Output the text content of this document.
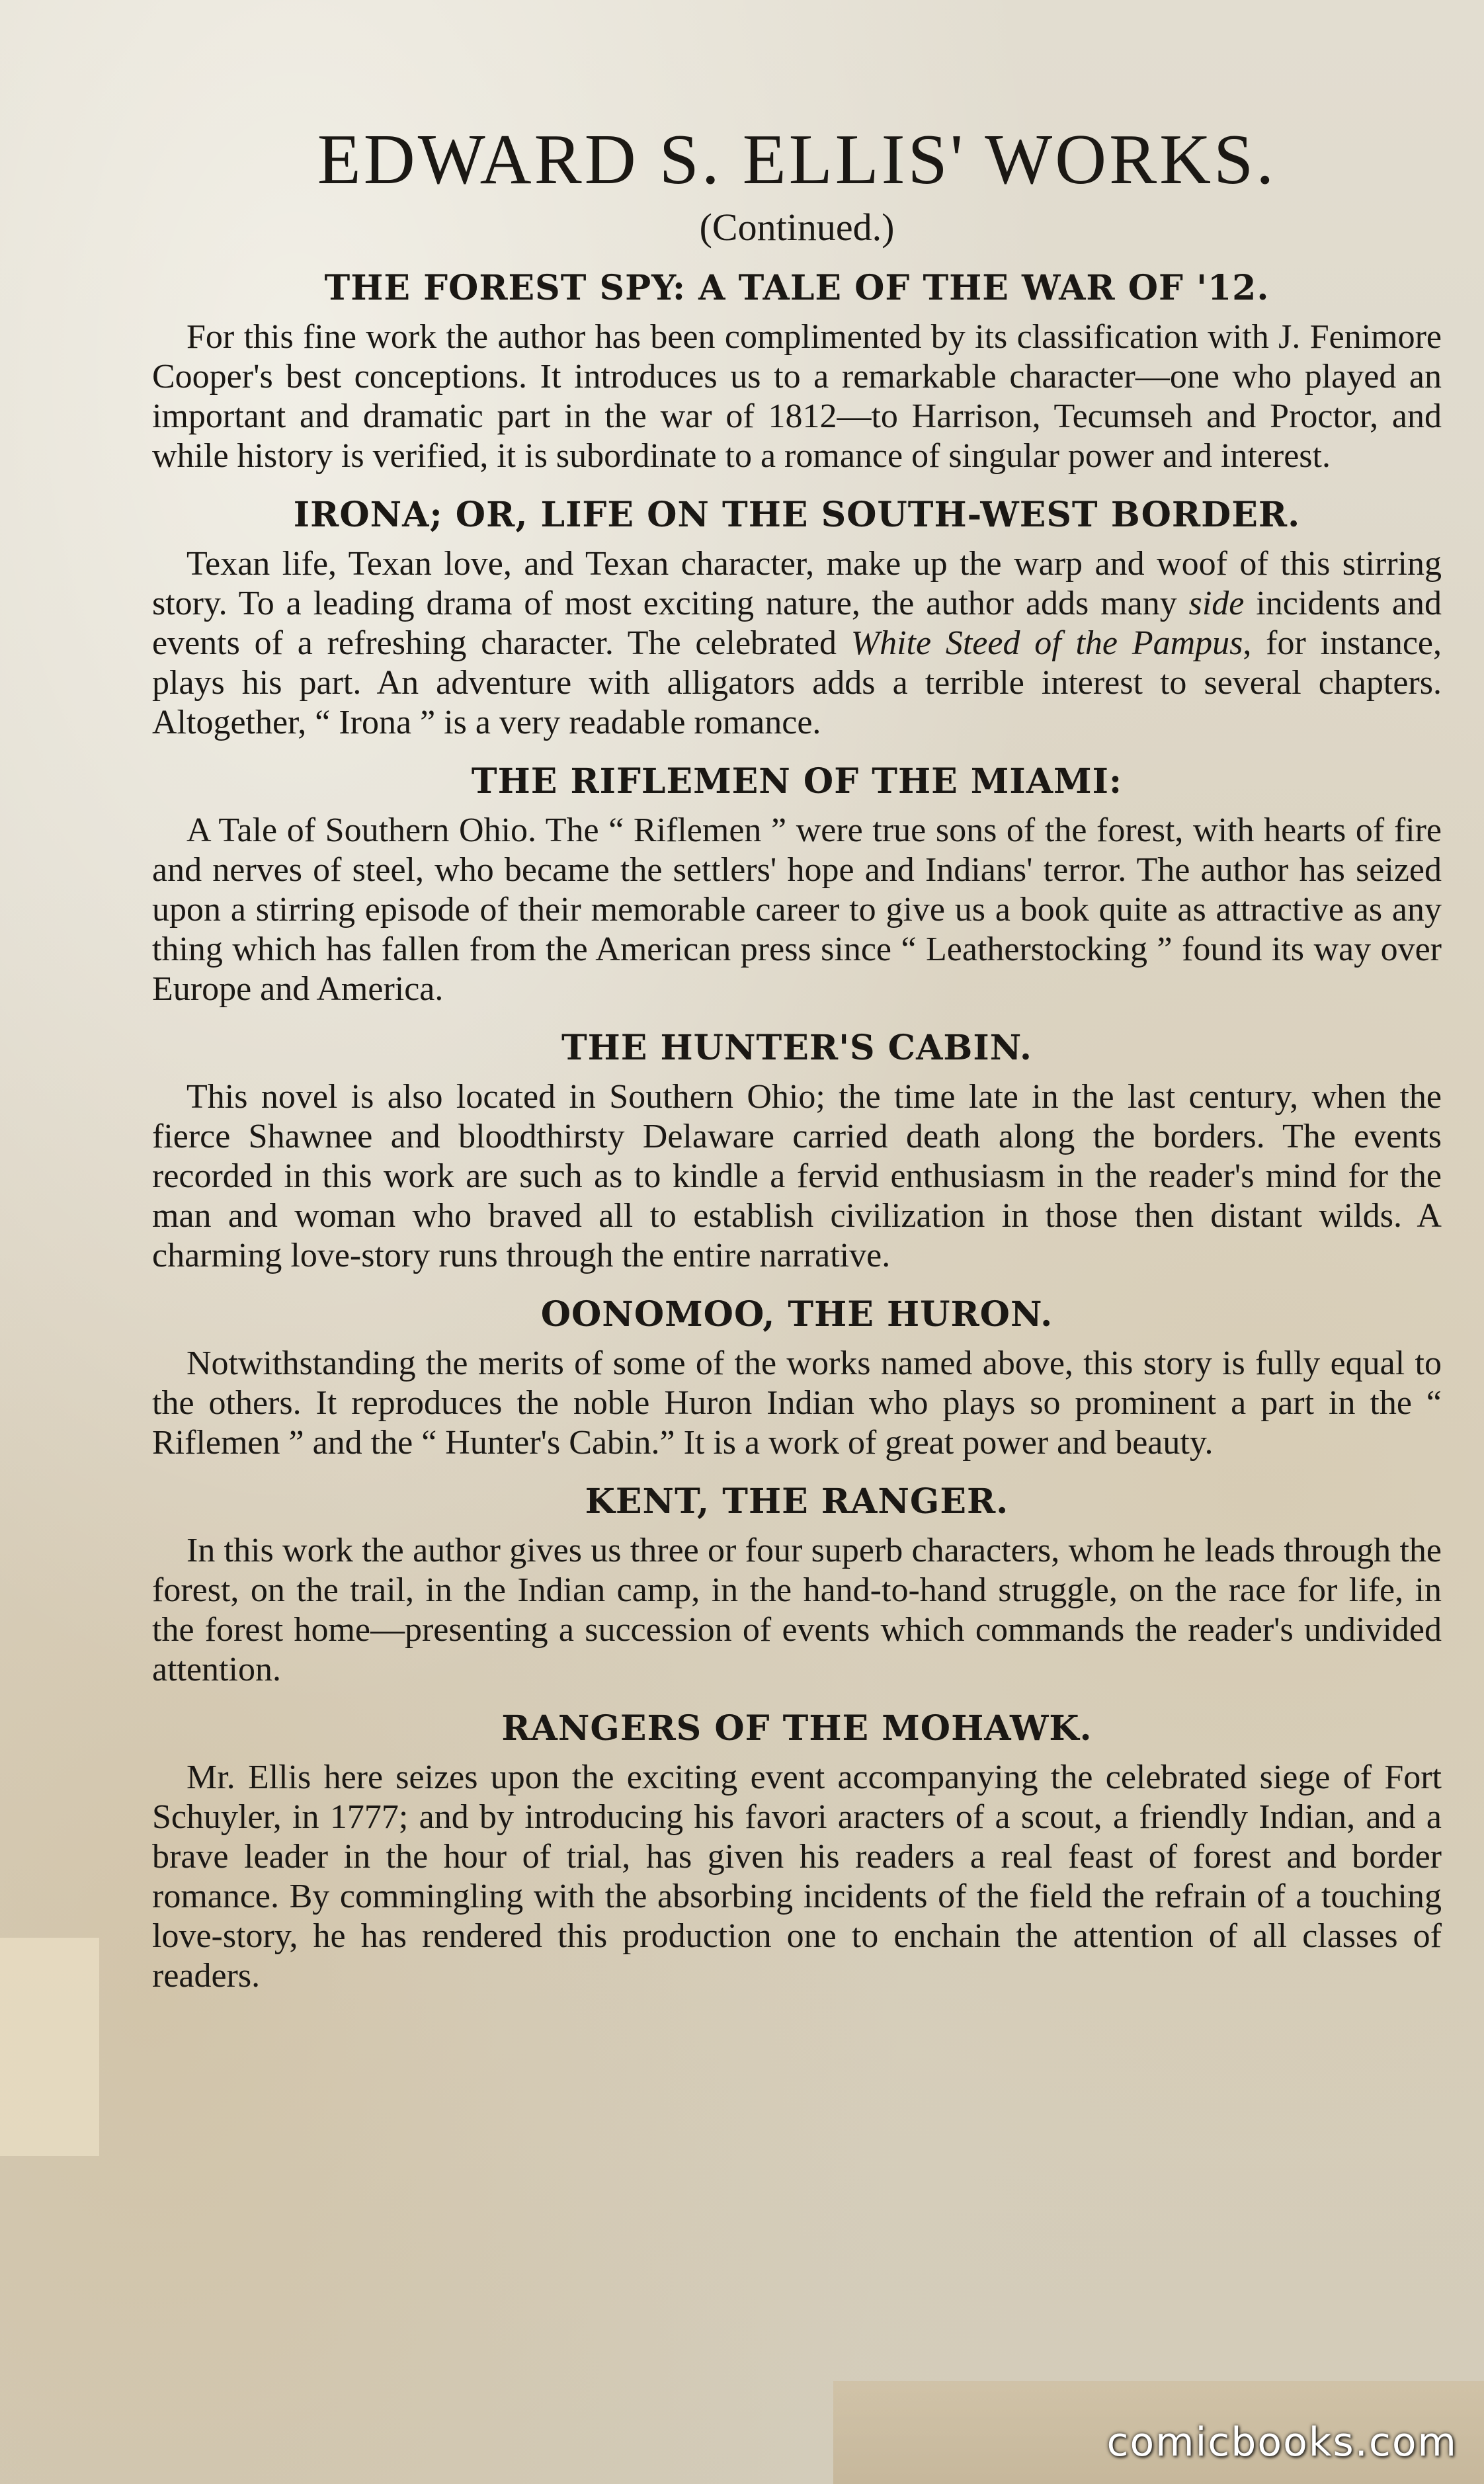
EDWARD S. ELLIS' WORKS.
(Continued.)
THE FOREST SPY: A TALE OF THE WAR OF '12.

For this fine work the author has been complimented by its classification with J. Fenimore Cooper's best conceptions. It introduces us to a remarkable character—one who played an important and dramatic part in the war of 1812—to Harrison, Tecumseh and Proctor, and while history is verified, it is subordinate to a romance of singular power and interest.

IRONA; OR, LIFE ON THE SOUTH-WEST BORDER.

Texan life, Texan love, and Texan character, make up the warp and woof of this stirring story. To a leading drama of most exciting nature, the author adds many side incidents and events of a refreshing character. The celebrated White Steed of the Pampus, for instance, plays his part. An adventure with alligators adds a terrible interest to several chapters. Altogether, “ Irona ” is a very readable romance.

THE RIFLEMEN OF THE MIAMI:

A Tale of Southern Ohio. The “ Riflemen ” were true sons of the forest, with hearts of fire and nerves of steel, who became the settlers' hope and Indians' terror. The author has seized upon a stirring episode of their memorable career to give us a book quite as attractive as any thing which has fallen from the American press since “ Leatherstocking ” found its way over Europe and America.

THE HUNTER'S CABIN.

This novel is also located in Southern Ohio; the time late in the last century, when the fierce Shawnee and bloodthirsty Delaware carried death along the borders. The events recorded in this work are such as to kindle a fervid enthusiasm in the reader's mind for the man and woman who braved all to establish civilization in those then distant wilds. A charming love-story runs through the entire narrative.

OONOMOO, THE HURON.

Notwithstanding the merits of some of the works named above, this story is fully equal to the others. It reproduces the noble Huron Indian who plays so prominent a part in the “ Riflemen ” and the “ Hunter's Cabin.” It is a work of great power and beauty.

KENT, THE RANGER.

In this work the author gives us three or four superb characters, whom he leads through the forest, on the trail, in the Indian camp, in the hand-to-hand struggle, on the race for life, in the forest home—presenting a succession of events which commands the reader's undivided attention.

RANGERS OF THE MOHAWK.

Mr. Ellis here seizes upon the exciting event accompanying the celebrated siege of Fort Schuyler, in 1777; and by introducing his favori aracters of a scout, a friendly Indian, and a brave leader in the hour of trial, has given his readers a real feast of forest and border romance. By commingling with the absorbing incidents of the field the refrain of a touching love-story, he has rendered this production one to enchain the attention of all classes of readers.

comicbooks.com
